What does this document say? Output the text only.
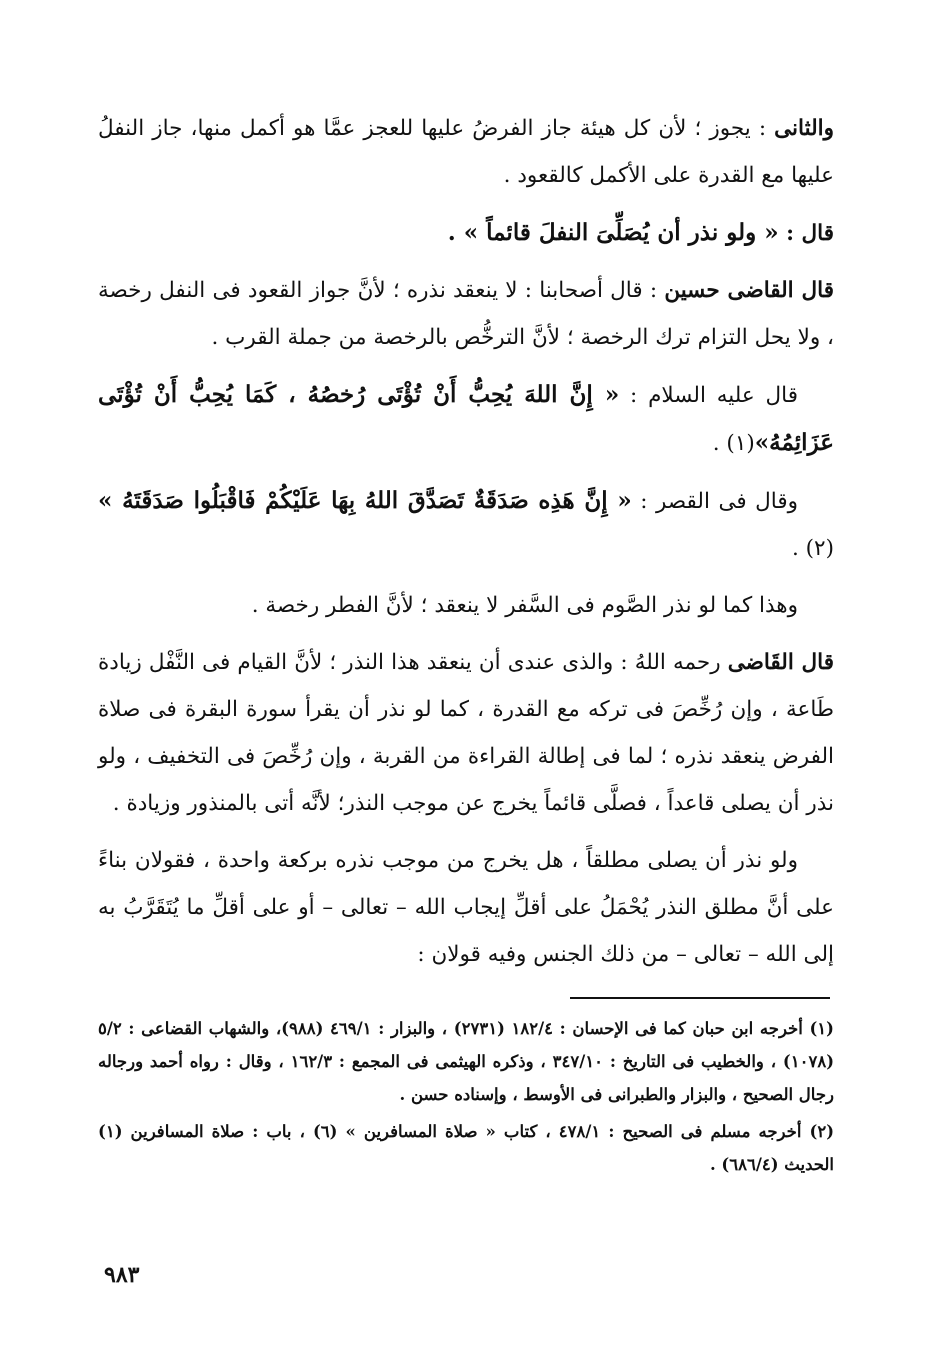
والثانى : يجوز ؛ لأن كل هيئة جاز الفرضُ عليها للعجز عمَّا هو أكمل منها، جاز النفلُ عليها مع القدرة على الأكمل كالقعود .

قال : « ولو نذر أن يُصَلِّىَ النفلَ قائماً » .

قال القاضى حسين : قال أصحابنا : لا ينعقد نذره ؛ لأنَّ جواز القعود فى النفل رخصة ، ولا يحل التزام ترك الرخصة ؛ لأنَّ الترخُّص بالرخصة من جملة القرب .

قال عليه السلام : « إِنَّ اللهَ يُحِبُّ أَنْ تُؤْتَى رُخصُهُ ، كَمَا يُحِبُّ أَنْ تُؤْتَى عَزَائِمُهُ»(١) .

وقال فى القصر : « إِنَّ هَذِه صَدَقَةٌ تَصَدَّقَ اللهُ بِهَا عَلَيْكُمْ فَاقْبَلُوا صَدَقَتَهُ » (٢) .

وهذا كما لو نذر الصَّوم فى السَّفر لا ينعقد ؛ لأنَّ الفطر رخصة .

قال القَاضى رحمه اللهُ : والذى عندى أن ينعقد هذا النذر ؛ لأنَّ القيام فى النَّفْل زيادة طَاعة ، وإن رُخِّصَ فى تركه مع القدرة ، كما لو نذر أن يقرأ سورة البقرة فى صلاة الفرض ينعقد نذره ؛ لما فى إطالة القراءة من القربة ، وإن رُخِّصَ فى التخفيف ، ولو نذر أن يصلى قاعداً ، فصلَّى قائماً يخرج عن موجب النذر؛ لأنَّه أتى بالمنذور وزيادة .

ولو نذر أن يصلى مطلقاً ، هل يخرج من موجب نذره بركعة واحدة ، فقولان بناءً على أنَّ مطلق النذر يُحْمَلُ على أقلِّ إيجاب الله – تعالى – أو على أقلِّ ما يُتَقَرَّبُ به إلى الله – تعالى – من ذلك الجنس وفيه قولان :

(١) أخرجه ابن حبان كما فى الإحسان : ١٨٢/٤ (٢٧٣١) ، والبزار : ٤٦٩/١ (٩٨٨)، والشهاب القضاعى : ٥/٢ (١٠٧٨) ، والخطيب فى التاريخ : ٣٤٧/١٠ ، وذكره الهيثمى فى المجمع : ١٦٢/٣ ، وقال : رواه أحمد ورجاله رجال الصحيح ، والبزار والطبرانى فى الأوسط ، وإسناده حسن .

(٢) أخرجه مسلم فى الصحيح : ٤٧٨/١ ، كتاب « صلاة المسافرين » (٦) ، باب : صلاة المسافرين (١) الحديث (٦٨٦/٤) .

٩٨٣
